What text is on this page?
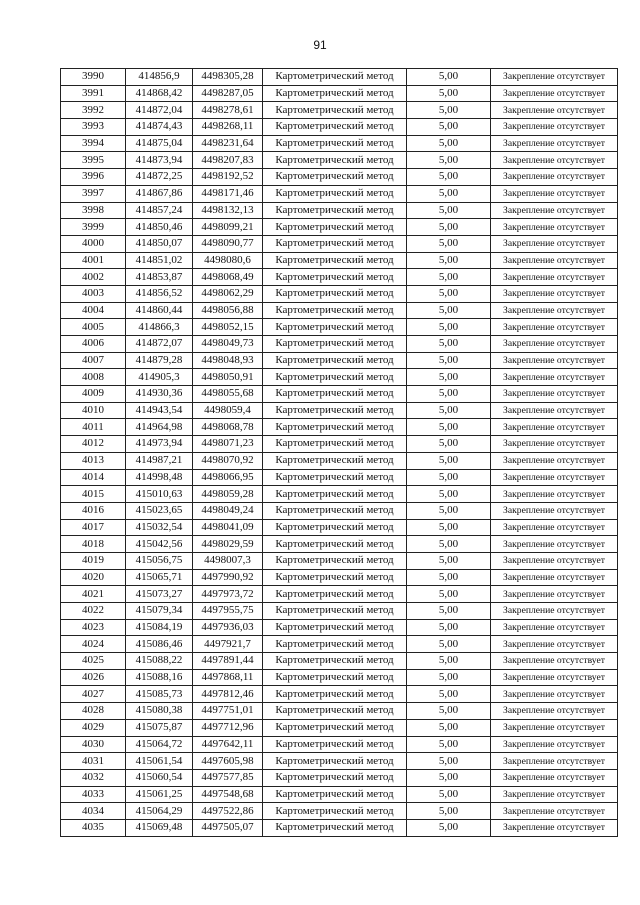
91
3990	414856,9	4498305,28	Картометрический метод	5,00	Закрепление отсутствует
3991	414868,42	4498287,05	Картометрический метод	5,00	Закрепление отсутствует
3992	414872,04	4498278,61	Картометрический метод	5,00	Закрепление отсутствует
3993	414874,43	4498268,11	Картометрический метод	5,00	Закрепление отсутствует
3994	414875,04	4498231,64	Картометрический метод	5,00	Закрепление отсутствует
3995	414873,94	4498207,83	Картометрический метод	5,00	Закрепление отсутствует
3996	414872,25	4498192,52	Картометрический метод	5,00	Закрепление отсутствует
3997	414867,86	4498171,46	Картометрический метод	5,00	Закрепление отсутствует
3998	414857,24	4498132,13	Картометрический метод	5,00	Закрепление отсутствует
3999	414850,46	4498099,21	Картометрический метод	5,00	Закрепление отсутствует
4000	414850,07	4498090,77	Картометрический метод	5,00	Закрепление отсутствует
4001	414851,02	4498080,6	Картометрический метод	5,00	Закрепление отсутствует
4002	414853,87	4498068,49	Картометрический метод	5,00	Закрепление отсутствует
4003	414856,52	4498062,29	Картометрический метод	5,00	Закрепление отсутствует
4004	414860,44	4498056,88	Картометрический метод	5,00	Закрепление отсутствует
4005	414866,3	4498052,15	Картометрический метод	5,00	Закрепление отсутствует
4006	414872,07	4498049,73	Картометрический метод	5,00	Закрепление отсутствует
4007	414879,28	4498048,93	Картометрический метод	5,00	Закрепление отсутствует
4008	414905,3	4498050,91	Картометрический метод	5,00	Закрепление отсутствует
4009	414930,36	4498055,68	Картометрический метод	5,00	Закрепление отсутствует
4010	414943,54	4498059,4	Картометрический метод	5,00	Закрепление отсутствует
4011	414964,98	4498068,78	Картометрический метод	5,00	Закрепление отсутствует
4012	414973,94	4498071,23	Картометрический метод	5,00	Закрепление отсутствует
4013	414987,21	4498070,92	Картометрический метод	5,00	Закрепление отсутствует
4014	414998,48	4498066,95	Картометрический метод	5,00	Закрепление отсутствует
4015	415010,63	4498059,28	Картометрический метод	5,00	Закрепление отсутствует
4016	415023,65	4498049,24	Картометрический метод	5,00	Закрепление отсутствует
4017	415032,54	4498041,09	Картометрический метод	5,00	Закрепление отсутствует
4018	415042,56	4498029,59	Картометрический метод	5,00	Закрепление отсутствует
4019	415056,75	4498007,3	Картометрический метод	5,00	Закрепление отсутствует
4020	415065,71	4497990,92	Картометрический метод	5,00	Закрепление отсутствует
4021	415073,27	4497973,72	Картометрический метод	5,00	Закрепление отсутствует
4022	415079,34	4497955,75	Картометрический метод	5,00	Закрепление отсутствует
4023	415084,19	4497936,03	Картометрический метод	5,00	Закрепление отсутствует
4024	415086,46	4497921,7	Картометрический метод	5,00	Закрепление отсутствует
4025	415088,22	4497891,44	Картометрический метод	5,00	Закрепление отсутствует
4026	415088,16	4497868,11	Картометрический метод	5,00	Закрепление отсутствует
4027	415085,73	4497812,46	Картометрический метод	5,00	Закрепление отсутствует
4028	415080,38	4497751,01	Картометрический метод	5,00	Закрепление отсутствует
4029	415075,87	4497712,96	Картометрический метод	5,00	Закрепление отсутствует
4030	415064,72	4497642,11	Картометрический метод	5,00	Закрепление отсутствует
4031	415061,54	4497605,98	Картометрический метод	5,00	Закрепление отсутствует
4032	415060,54	4497577,85	Картометрический метод	5,00	Закрепление отсутствует
4033	415061,25	4497548,68	Картометрический метод	5,00	Закрепление отсутствует
4034	415064,29	4497522,86	Картометрический метод	5,00	Закрепление отсутствует
4035	415069,48	4497505,07	Картометрический метод	5,00	Закрепление отсутствует
